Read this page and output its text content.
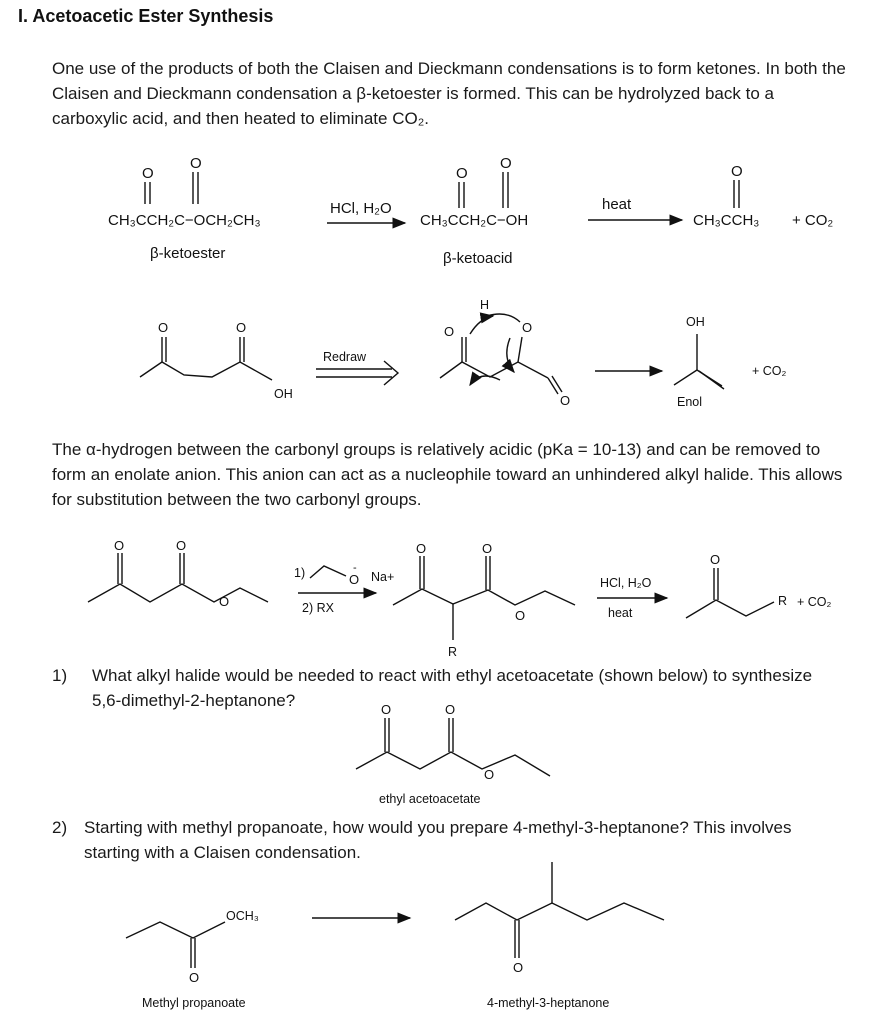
I. Acetoacetic Ester Synthesis
One use of the products of both the Claisen and Dieckmann condensations is to form ketones. In both the Claisen and Dieckmann condensation a β-ketoester is formed. This can be hydrolyzed back to a carboxylic acid, and then heated to eliminate CO₂.
O
O
O
O	O
O	O	O	O
O
O	O
O
O
-
O	O
O
O
O	O
O
O
O
CH₃CCH₂C−OCH₂CH₃
β-ketoester
HCl, H₂O
CH₃CCH₂C−OH
β-ketoacid
heat
CH₃CCH₃ + CO₂
OH
Redraw
H
OH
Enol
+ CO₂
The α-hydrogen between the carbonyl groups is relatively acidic (pKa = 10-13) and can be removed to form an enolate anion. This anion can act as a nucleophile toward an unhindered alkyl halide. This allows for substitution between the two carbonyl groups.
1)	Na+
2) RX
R
HCl, H₂O
heat
R + CO₂
1) What alkyl halide would be needed to react with ethyl acetoacetate (shown below) to synthesize 5,6-dimethyl-2-heptanone?
ethyl acetoacetate
2) Starting with methyl propanoate, how would you prepare 4-methyl-3-heptanone? This involves starting with a Claisen condensation.
OCH₃
Methyl propanoate	4-methyl-3-heptanone
